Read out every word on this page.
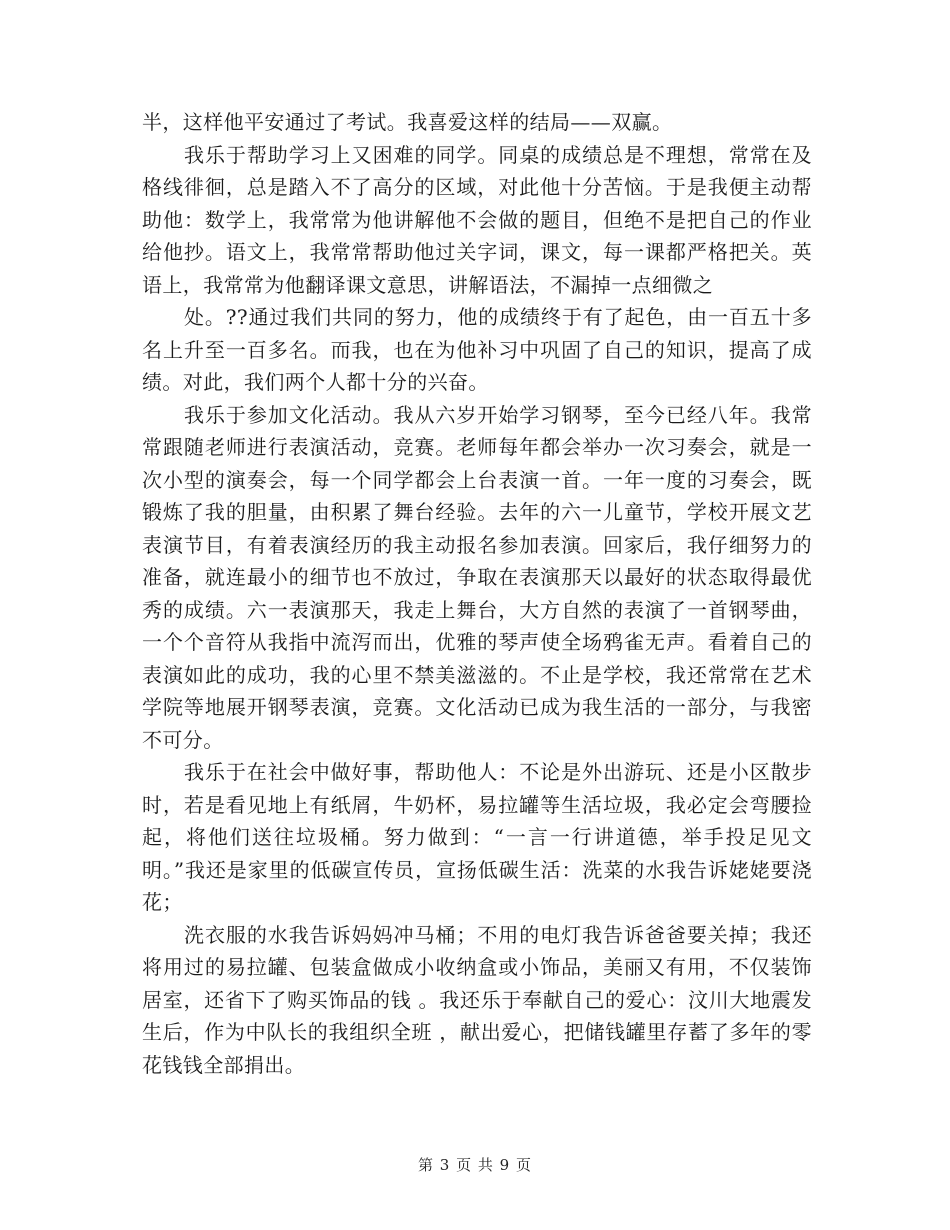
半，这样他平安通过了考试。我喜爱这样的结局——双赢。

我乐于帮助学习上又困难的同学。同桌的成绩总是不理想，常常在及格线徘徊，总是踏入不了高分的区域，对此他十分苦恼。于是我便主动帮助他：数学上，我常常为他讲解他不会做的题目，但绝不是把自己的作业给他抄。语文上，我常常帮助他过关字词，课文，每一课都严格把关。英语上，我常常为他翻译课文意思，讲解语法，不漏掉一点细微之

处。??通过我们共同的努力，他的成绩终于有了起色，由一百五十多名上升至一百多名。而我，也在为他补习中巩固了自己的知识，提高了成绩。对此，我们两个人都十分的兴奋。

我乐于参加文化活动。我从六岁开始学习钢琴，至今已经八年。我常常跟随老师进行表演活动，竞赛。老师每年都会举办一次习奏会，就是一次小型的演奏会，每一个同学都会上台表演一首。一年一度的习奏会，既锻炼了我的胆量，由积累了舞台经验。去年的六一儿童节，学校开展文艺表演节目，有着表演经历的我主动报名参加表演。回家后，我仔细努力的准备，就连最小的细节也不放过，争取在表演那天以最好的状态取得最优秀的成绩。六一表演那天，我走上舞台，大方自然的表演了一首钢琴曲，一个个音符从我指中流泻而出，优雅的琴声使全场鸦雀无声。看着自己的表演如此的成功，我的心里不禁美滋滋的。不止是学校，我还常常在艺术学院等地展开钢琴表演，竞赛。文化活动已成为我生活的一部分，与我密不可分。

我乐于在社会中做好事，帮助他人：不论是外出游玩、还是小区散步时，若是看见地上有纸屑，牛奶杯，易拉罐等生活垃圾，我必定会弯腰捡起，将他们送往垃圾桶。努力做到：“一言一行讲道德，举手投足见文明。”我还是家里的低碳宣传员，宣扬低碳生活：洗菜的水我告诉姥姥要浇花；

洗衣服的水我告诉妈妈冲马桶；不用的电灯我告诉爸爸要关掉；我还将用过的易拉罐、包装盒做成小收纳盒或小饰品，美丽又有用，不仅装饰居室，还省下了购买饰品的钱 。我还乐于奉献自己的爱心：汶川大地震发生后，作为中队长的我组织全班 ，献出爱心，把储钱罐里存蓄了多年的零花钱钱全部捐出。

第 3 页 共 9 页
